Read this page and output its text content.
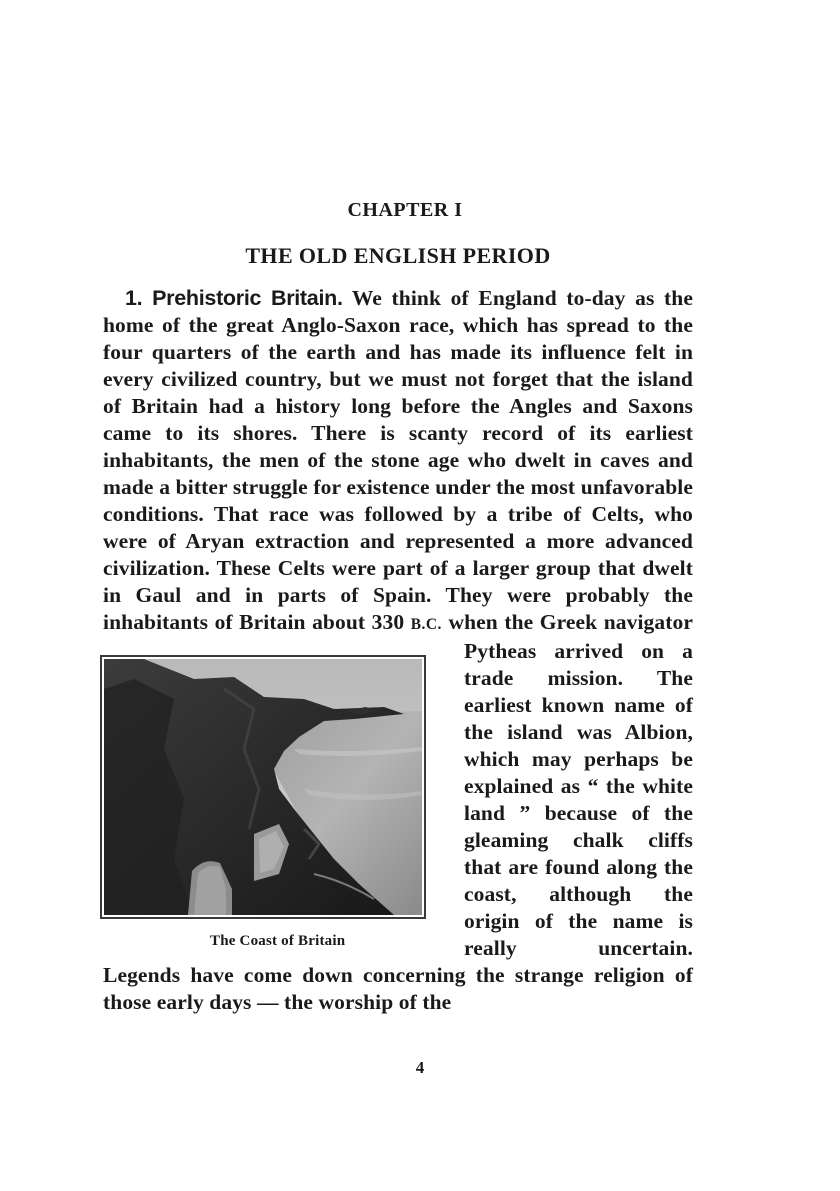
CHAPTER I
THE OLD ENGLISH PERIOD

1. Prehistoric Britain. We think of England to-day as the home of the great Anglo-Saxon race, which has spread to the four quarters of the earth and has made its influence felt in every civilized country, but we must not forget that the island of Britain had a history long before the Angles and Saxons came to its shores. There is scanty record of its earliest inhabitants, the men of the stone age who dwelt in caves and made a bitter struggle for existence under the most unfavorable conditions. That race was followed by a tribe of Celts, who were of Aryan extraction and represented a more advanced civilization. These Celts were part of a larger group that dwelt in Gaul and in parts of Spain. They were probably the inhabitants of Britain about 330
The Coast of Britain
B.C. when the Greek navigator Pytheas arrived on a trade mission. The earliest known name of the island was Albion, which may perhaps be explained as “ the white land ” because of the gleaming chalk cliffs that are found along the coast, although the origin of the name is really uncertain. Legends have come down concerning the strange religion of those early days — the worship of the

4
